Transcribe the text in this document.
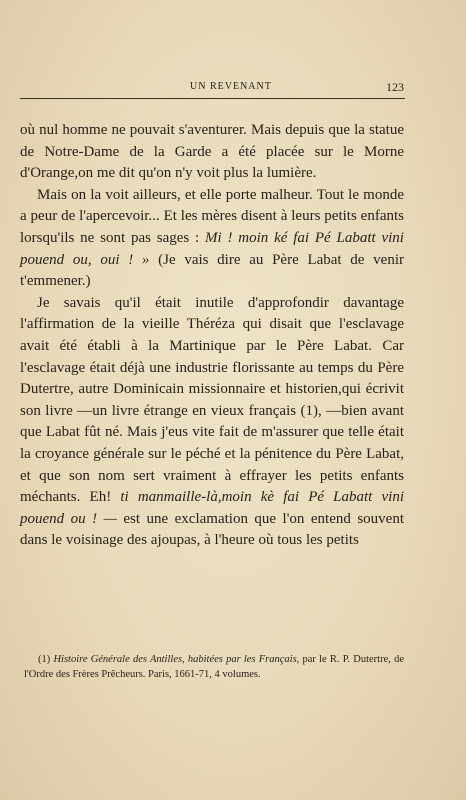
UN REVENANT	123

où nul homme ne pouvait s'aventurer. Mais depuis que la statue de Notre-Dame de la Garde a été placée sur le Morne d'Orange,on me dit qu'on n'y voit plus la lumière.

Mais on la voit ailleurs, et elle porte malheur. Tout le monde a peur de l'apercevoir... Et les mères disent à leurs petits enfants lorsqu'ils ne sont pas sages : Mi ! moin ké fai Pé Labatt vini pouend ou, oui ! » (Je vais dire au Père Labat de venir t'emmener.)

Je savais qu'il était inutile d'approfondir davantage l'affirmation de la vieille Théréza qui disait que l'esclavage avait été établi à la Martinique par le Père Labat. Car l'esclavage était déjà une industrie florissante au temps du Père Dutertre, autre Dominicain missionnaire et historien,qui écrivit son livre —un livre étrange en vieux français (1), —bien avant que Labat fût né. Mais j'eus vite fait de m'assurer que telle était la croyance générale sur le péché et la pénitence du Père Labat, et que son nom sert vraiment à effrayer les petits enfants méchants. Eh! ti manmaille-là,moin kè fai Pé Labatt vini pouend ou ! — est une exclamation que l'on entend souvent dans le voisinage des ajoupas, à l'heure où tous les petits

(1) Histoire Générale des Antilles, habitées par les Français, par le R. P. Dutertre, de l'Ordre des Frères Prêcheurs. Paris, 1661-71, 4 volumes.
